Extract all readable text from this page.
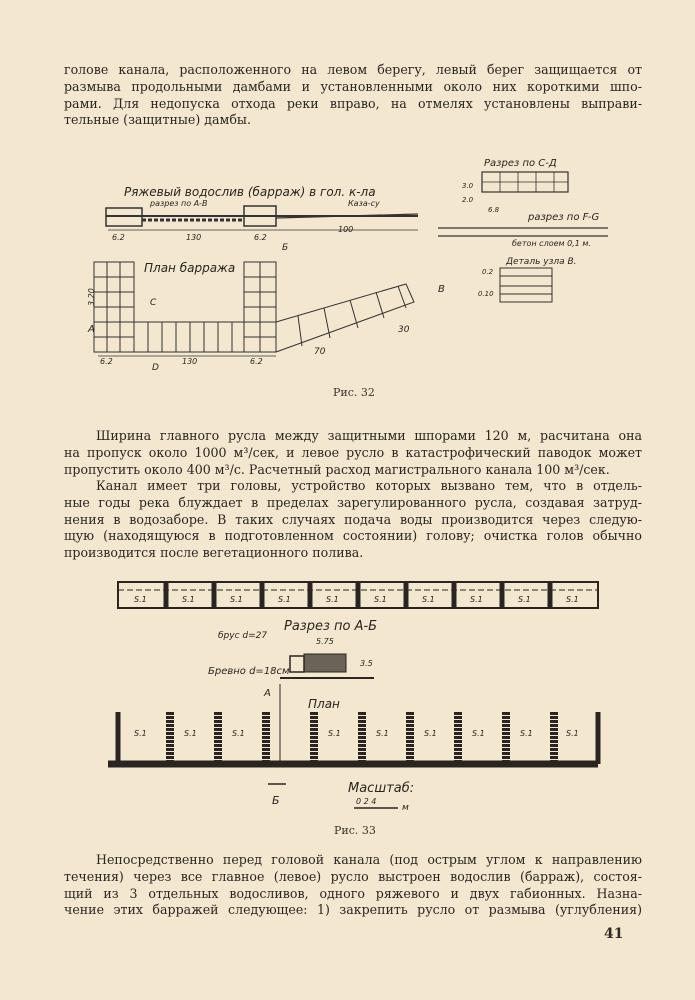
голове канала, расположенного на левом берегу, левый берег защищается от
размыва продольными дамбами и установленными около них короткими шпо-
рами. Для недопуска отхода реки вправо, на отмелях установлены выправи-
тельные (защитные) дамбы.
Ряжевый водослив (барраж) в гол. к-ла
разрез по А-В	Каза-су
6.2	130	6.2
100
План барража
А
В
С
D
Б
3.20
6.2	130	6.2
70
30
Разрез по С-Д
3.0
2.0
6.8
разрез по F-G
бетон слоем 0,1 м.
Деталь узла В.
0.2
0.10
Рис. 32
Ширина главного русла между защитными шпорами 120 м, расчитана она
на пропуск около 1000 м³/сек, и левое русло в катастрофический паводок может
пропустить около 400 м³/с. Расчетный расход магистрального канала 100 м³/сек.
Канал имеет три головы, устройство которых вызвано тем, что в отдель-
ные годы река блуждает в пределах зарегулированного русла, создавая затруд-
нения в водозаборе. В таких случаях подача воды производится через следую-
щую (находящуюся в подготовленном состоянии) голову; очистка голов обычно
производится после вегетационного полива.
S.1	S.1	S.1	S.1	S.1	S.1	S.1	S.1	S.1	S.1
Разрез по А-Б
брус d=27
Бревно d=18см
5.75
3.5
А
План
S.1	S.1	S.1	S.1	S.1	S.1	S.1	S.1	S.1
Б
Масштаб:
0 2 4
м
Рис. 33
Непосредственно перед головой канала (под острым углом к направлению
течения) через все главное (левое) русло выстроен водослив (барраж), состоя-
щий из 3 отдельных водосливов, одного ряжевого и двух габионных. Назна-
чение этих барражей следующее: 1) закрепить русло от размыва (углубления)
41
